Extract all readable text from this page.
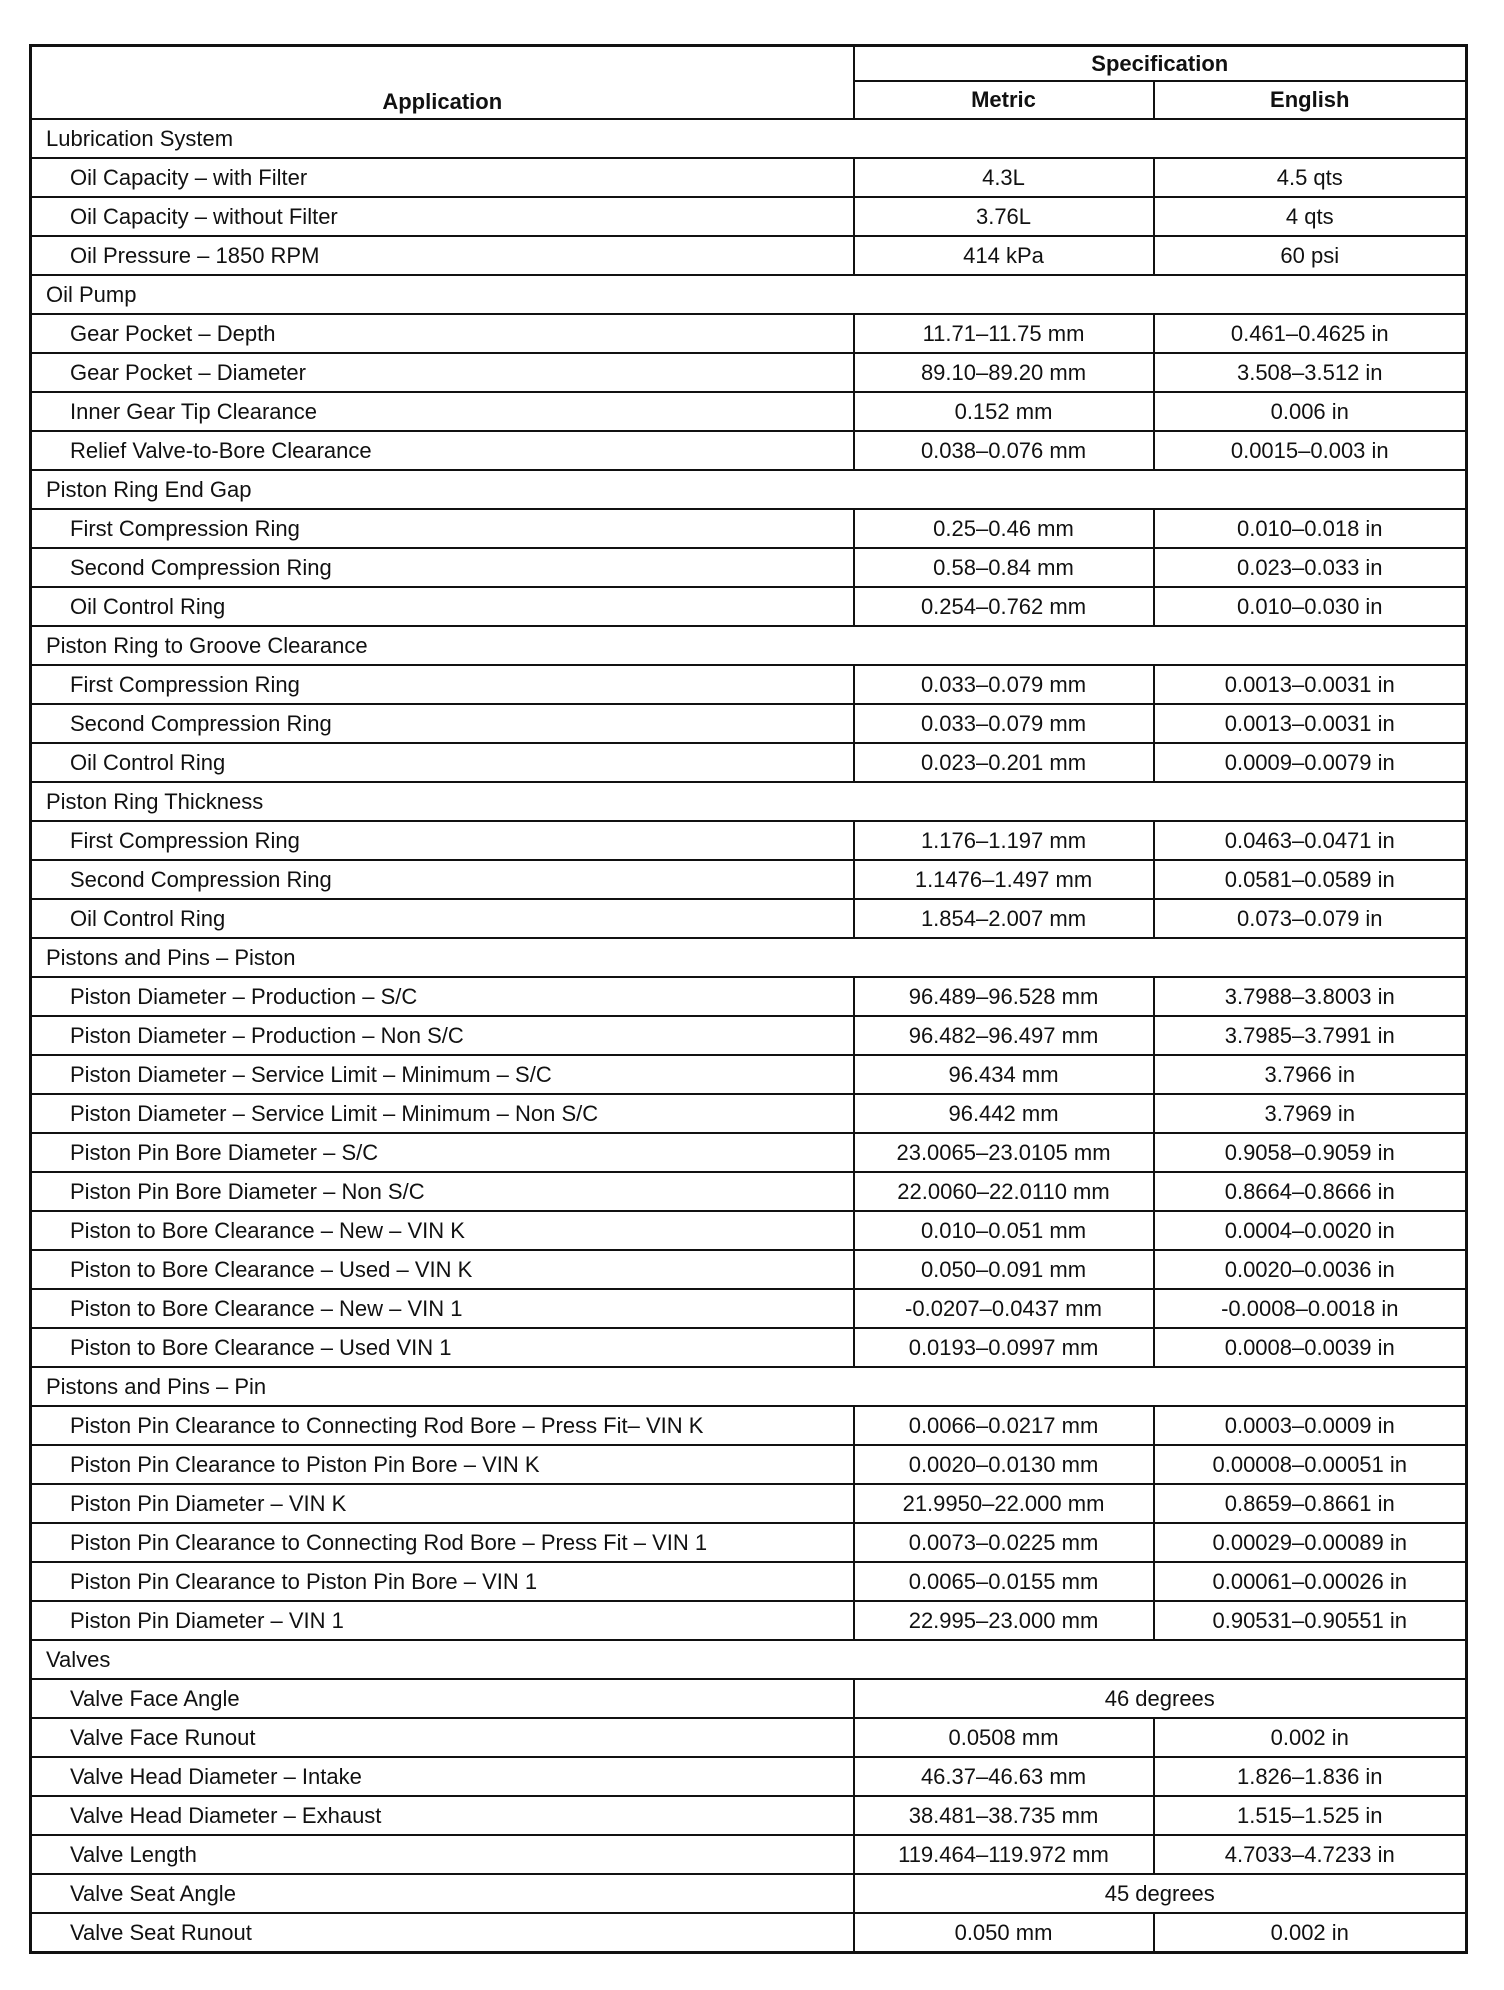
Application	Specification	
	Metric	English
Lubrication System		
Oil Capacity – with Filter	4.3L	4.5 qts
Oil Capacity – without Filter	3.76L	4 qts
Oil Pressure – 1850 RPM	414 kPa	60 psi
Oil Pump		
Gear Pocket – Depth	11.71–11.75 mm	0.461–0.4625 in
Gear Pocket – Diameter	89.10–89.20 mm	3.508–3.512 in
Inner Gear Tip Clearance	0.152 mm	0.006 in
Relief Valve-to-Bore Clearance	0.038–0.076 mm	0.0015–0.003 in
Piston Ring End Gap		
First Compression Ring	0.25–0.46 mm	0.010–0.018 in
Second Compression Ring	0.58–0.84 mm	0.023–0.033 in
Oil Control Ring	0.254–0.762 mm	0.010–0.030 in
Piston Ring to Groove Clearance		
First Compression Ring	0.033–0.079 mm	0.0013–0.0031 in
Second Compression Ring	0.033–0.079 mm	0.0013–0.0031 in
Oil Control Ring	0.023–0.201 mm	0.0009–0.0079 in
Piston Ring Thickness		
First Compression Ring	1.176–1.197 mm	0.0463–0.0471 in
Second Compression Ring	1.1476–1.497 mm	0.0581–0.0589 in
Oil Control Ring	1.854–2.007 mm	0.073–0.079 in
Pistons and Pins – Piston		
Piston Diameter – Production – S/C	96.489–96.528 mm	3.7988–3.8003 in
Piston Diameter – Production – Non S/C	96.482–96.497 mm	3.7985–3.7991 in
Piston Diameter – Service Limit – Minimum – S/C	96.434 mm	3.7966 in
Piston Diameter – Service Limit – Minimum – Non S/C	96.442 mm	3.7969 in
Piston Pin Bore Diameter – S/C	23.0065–23.0105 mm	0.9058–0.9059 in
Piston Pin Bore Diameter – Non S/C	22.0060–22.0110 mm	0.8664–0.8666 in
Piston to Bore Clearance – New – VIN K	0.010–0.051 mm	0.0004–0.0020 in
Piston to Bore Clearance – Used – VIN K	0.050–0.091 mm	0.0020–0.0036 in
Piston to Bore Clearance – New – VIN 1	-0.0207–0.0437 mm	-0.0008–0.0018 in
Piston to Bore Clearance – Used VIN 1	0.0193–0.0997 mm	0.0008–0.0039 in
Pistons and Pins – Pin		
Piston Pin Clearance to Connecting Rod Bore – Press Fit– VIN K	0.0066–0.0217 mm	0.0003–0.0009 in
Piston Pin Clearance to Piston Pin Bore – VIN K	0.0020–0.0130 mm	0.00008–0.00051 in
Piston Pin Diameter – VIN K	21.9950–22.000 mm	0.8659–0.8661 in
Piston Pin Clearance to Connecting Rod Bore – Press Fit – VIN 1	0.0073–0.0225 mm	0.00029–0.00089 in
Piston Pin Clearance to Piston Pin Bore – VIN 1	0.0065–0.0155 mm	0.00061–0.00026 in
Piston Pin Diameter – VIN 1	22.995–23.000 mm	0.90531–0.90551 in
Valves		
Valve Face Angle	46 degrees	
Valve Face Runout	0.0508 mm	0.002 in
Valve Head Diameter – Intake	46.37–46.63 mm	1.826–1.836 in
Valve Head Diameter – Exhaust	38.481–38.735 mm	1.515–1.525 in
Valve Length	119.464–119.972 mm	4.7033–4.7233 in
Valve Seat Angle	45 degrees	
Valve Seat Runout	0.050 mm	0.002 in
